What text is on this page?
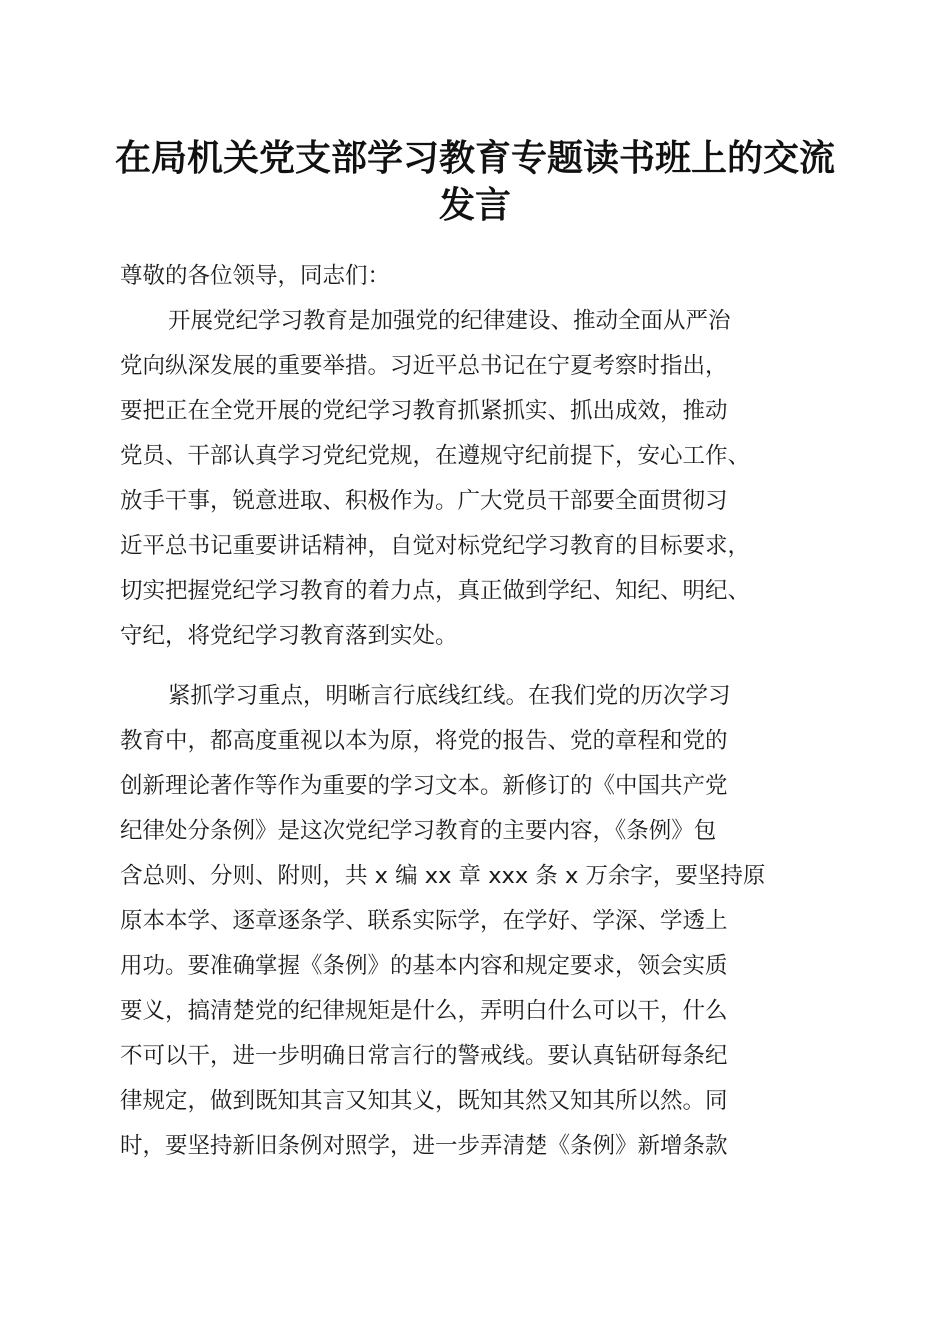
在局机关党支部学习教育专题读书班上的交流
发言
尊敬的各位领导，同志们：
开展党纪学习教育是加强党的纪律建设、推动全面从严治
党向纵深发展的重要举措。习近平总书记在宁夏考察时指出，
要把正在全党开展的党纪学习教育抓紧抓实、抓出成效，推动
党员、干部认真学习党纪党规，在遵规守纪前提下，安心工作、
放手干事，锐意进取、积极作为。广大党员干部要全面贯彻习
近平总书记重要讲话精神，自觉对标党纪学习教育的目标要求，
切实把握党纪学习教育的着力点，真正做到学纪、知纪、明纪、
守纪，将党纪学习教育落到实处。
紧抓学习重点，明晰言行底线红线。在我们党的历次学习
教育中，都高度重视以本为原，将党的报告、党的章程和党的
创新理论著作等作为重要的学习文本。新修订的《中国共产党
纪律处分条例》是这次党纪学习教育的主要内容，《条例》包
含总则、分则、附则，共 x 编 xx 章 xxx 条 x 万余字，要坚持原
原本本学、逐章逐条学、联系实际学，在学好、学深、学透上
用功。要准确掌握《条例》的基本内容和规定要求，领会实质
要义，搞清楚党的纪律规矩是什么，弄明白什么可以干，什么
不可以干，进一步明确日常言行的警戒线。要认真钻研每条纪
律规定，做到既知其言又知其义，既知其然又知其所以然。同
时，要坚持新旧条例对照学，进一步弄清楚《条例》新增条款
